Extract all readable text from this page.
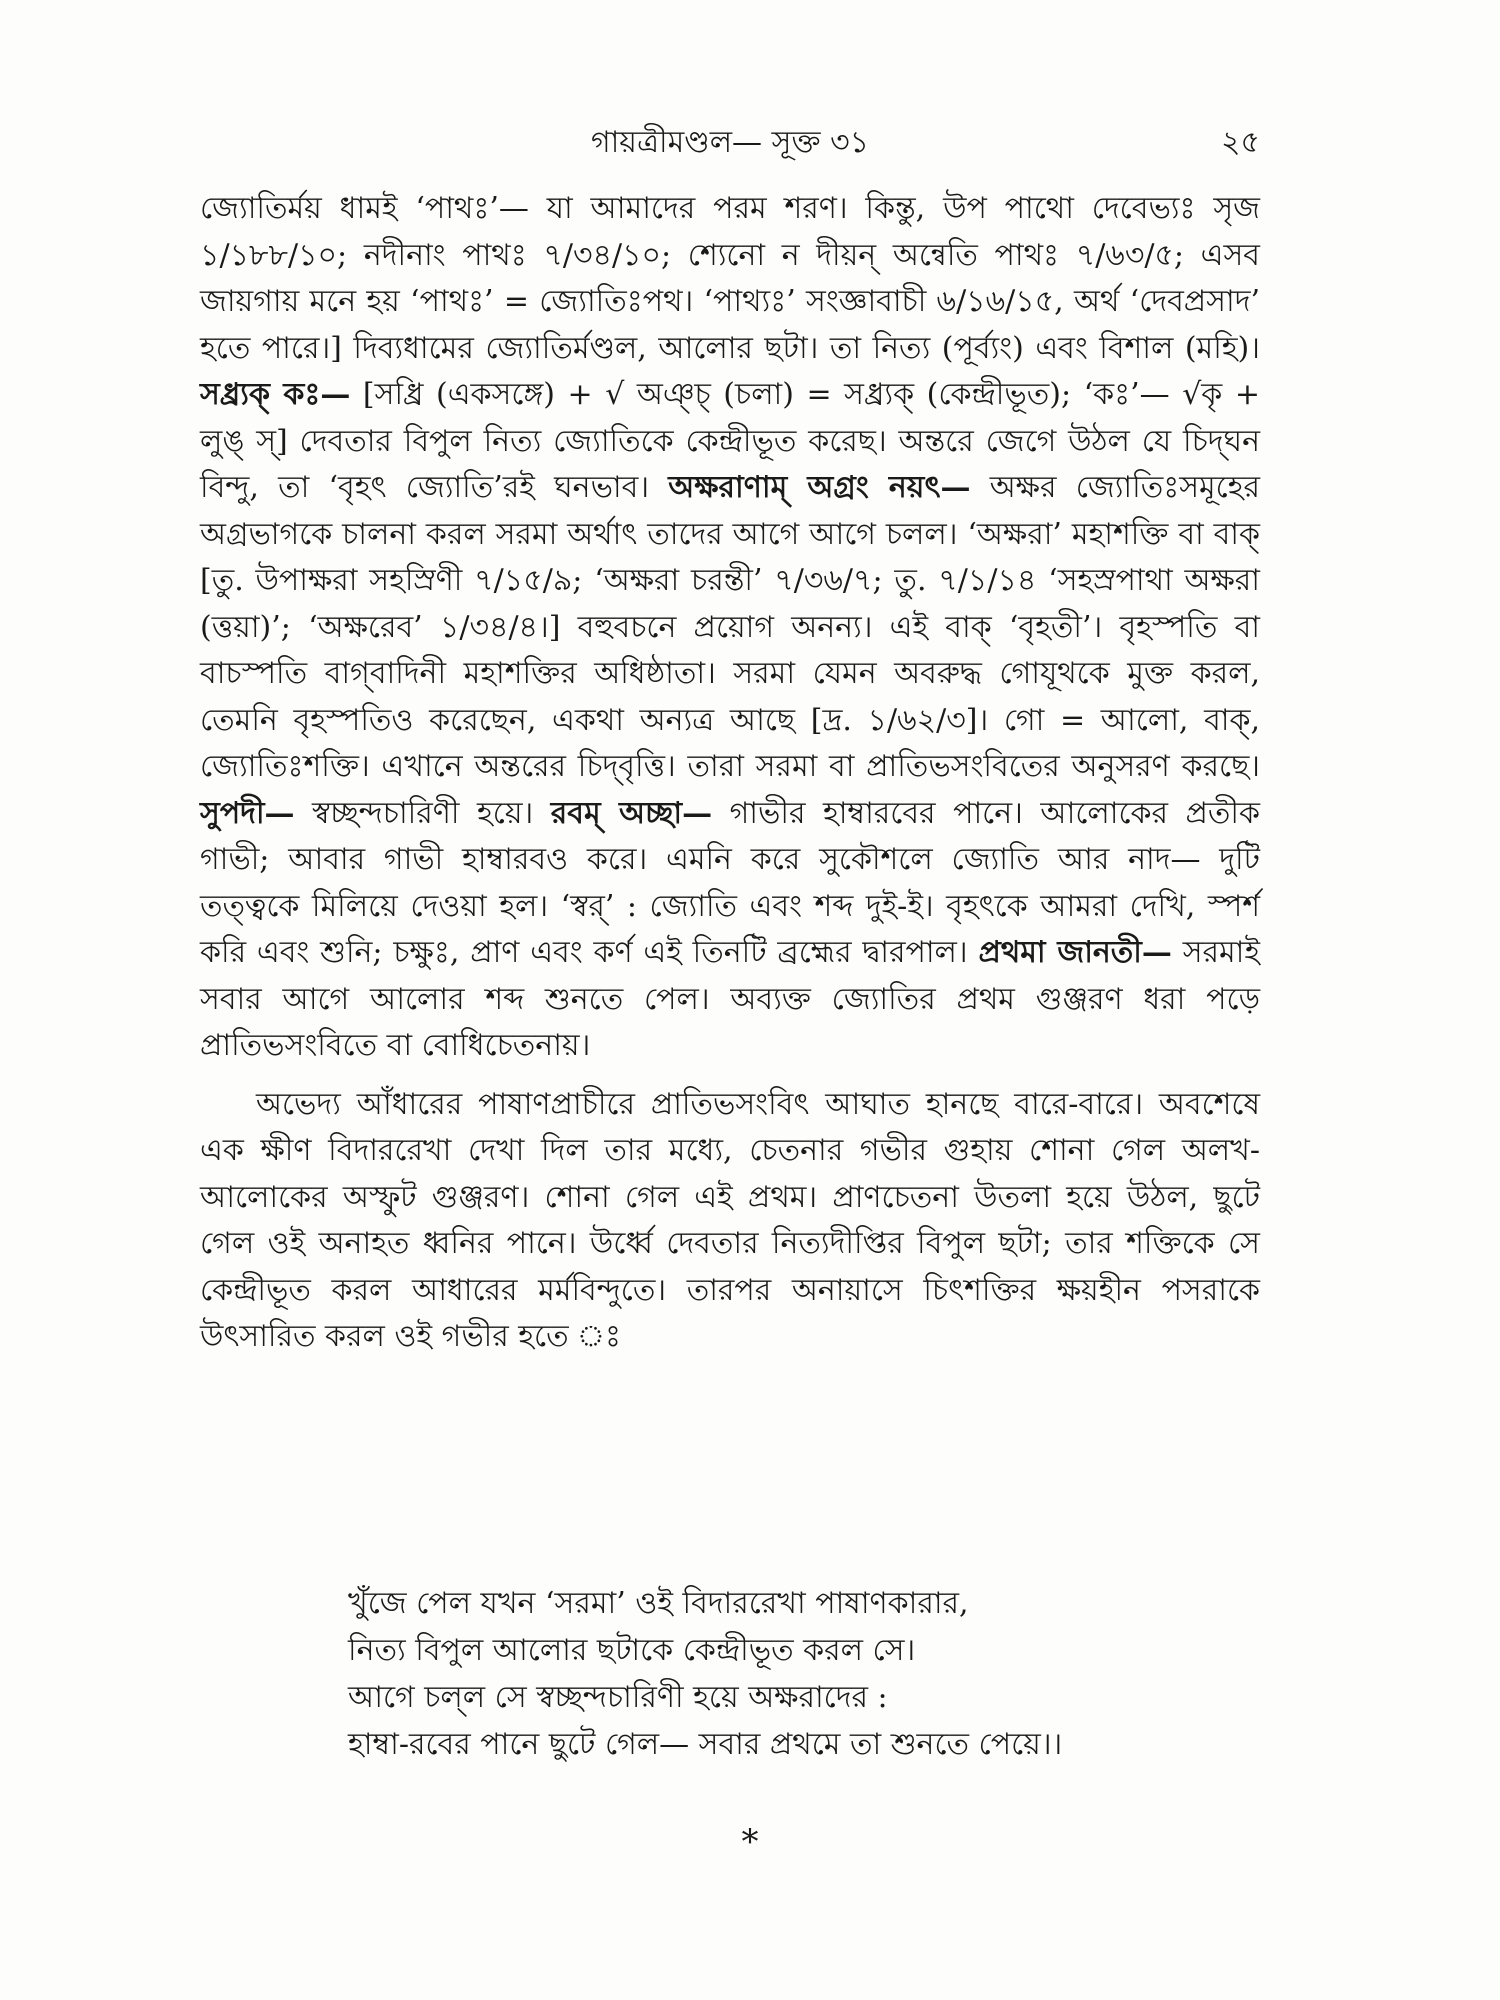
গায়ত্রীমণ্ডল— সূক্ত ৩১	২৫

জ্যোতির্ময় ধামই ‘পাথঃ’— যা আমাদের পরম শরণ। কিন্তু, উপ পাথো দেবেভ্যঃ সৃজ ১/১৮৮/১০; নদীনাং পাথঃ ৭/৩৪/১০; শ্যেনো ন দীয়ন্ অন্বেতি পাথঃ ৭/৬৩/৫; এসব জায়গায় মনে হয় ‘পাথঃ’ = জ্যোতিঃপথ। ‘পাথ্যঃ’ সংজ্ঞাবাচী ৬/১৬/১৫, অর্থ ‘দেবপ্রসাদ’ হতে পারে।] দিব্যধামের জ্যোতির্মণ্ডল, আলোর ছটা। তা নিত্য (পূর্ব্যং) এবং বিশাল (মহি)। সধ্র্যক্ কঃ— [সধ্রি (একসঙ্গে) + √ অঞ্চ্ (চলা) = সধ্র্যক্ (কেন্দ্রীভূত); ‘কঃ’— √কৃ + লুঙ্ স্] দেবতার বিপুল নিত্য জ্যোতিকে কেন্দ্রীভূত করেছ। অন্তরে জেগে উঠল যে চিদ্‌ঘন বিন্দু, তা ‘বৃহৎ জ্যোতি’রই ঘনভাব। অক্ষরাণাম্ অগ্রং নয়ৎ— অক্ষর জ্যোতিঃসমূহের অগ্রভাগকে চালনা করল সরমা অর্থাৎ তাদের আগে আগে চলল। ‘অক্ষরা’ মহাশক্তি বা বাক্ [তু. উপাক্ষরা সহস্রিণী ৭/১৫/৯; ‘অক্ষরা চরন্তী’ ৭/৩৬/৭; তু. ৭/১/১৪ ‘সহস্রপাথা অক্ষরা (ত্তয়া)’; ‘অক্ষরেব’ ১/৩৪/৪।] বহুবচনে প্রয়োগ অনন্য। এই বাক্ ‘বৃহতী’। বৃহস্পতি বা বাচস্পতি বাগ্‌বাদিনী মহাশক্তির অধিষ্ঠাতা। সরমা যেমন অবরুদ্ধ গোযূথকে মুক্ত করল, তেমনি বৃহস্পতিও করেছেন, একথা অন্যত্র আছে [দ্র. ১/৬২/৩]। গো = আলো, বাক্, জ্যোতিঃশক্তি। এখানে অন্তরের চিদ্‌বৃত্তি। তারা সরমা বা প্রাতিভসংবিতের অনুসরণ করছে। সুপদী— স্বচ্ছন্দচারিণী হয়ে। রবম্ অচ্ছা— গাভীর হাম্বারবের পানে। আলোকের প্রতীক গাভী; আবার গাভী হাম্বারবও করে। এমনি করে সুকৌশলে জ্যোতি আর নাদ— দুটি তত্ত্বকে মিলিয়ে দেওয়া হল। ‘স্বর্’ : জ্যোতি এবং শব্দ দুই-ই। বৃহৎকে আমরা দেখি, স্পর্শ করি এবং শুনি; চক্ষুঃ, প্রাণ এবং কর্ণ এই তিনটি ব্রহ্মের দ্বারপাল। প্রথমা জানতী— সরমাই সবার আগে আলোর শব্দ শুনতে পেল। অব্যক্ত জ্যোতির প্রথম গুঞ্জরণ ধরা পড়ে প্রাতিভসংবিতে বা বোধিচেতনায়।

অভেদ্য আঁধারের পাষাণপ্রাচীরে প্রাতিভসংবিৎ আঘাত হানছে বারে-বারে। অবশেষে এক ক্ষীণ বিদাররেখা দেখা দিল তার মধ্যে, চেতনার গভীর গুহায় শোনা গেল অলখ-আলোকের অস্ফুট গুঞ্জরণ। শোনা গেল এই প্রথম। প্রাণচেতনা উতলা হয়ে উঠল, ছুটে গেল ওই অনাহত ধ্বনির পানে। উর্ধ্বে দেবতার নিত্যদীপ্তির বিপুল ছটা; তার শক্তিকে সে কেন্দ্রীভূত করল আধারের মর্মবিন্দুতে। তারপর অনায়াসে চিৎশক্তির ক্ষয়হীন পসরাকে উৎসারিত করল ওই গভীর হতে ঃ

খুঁজে পেল যখন ‘সরমা’ ওই বিদাররেখা পাষাণকারার,
নিত্য বিপুল আলোর ছটাকে কেন্দ্রীভূত করল সে।
আগে চল্‌ল সে স্বচ্ছন্দচারিণী হয়ে অক্ষরাদের :
হাম্বা-রবের পানে ছুটে গেল— সবার প্রথমে তা শুনতে পেয়ে।।
*
